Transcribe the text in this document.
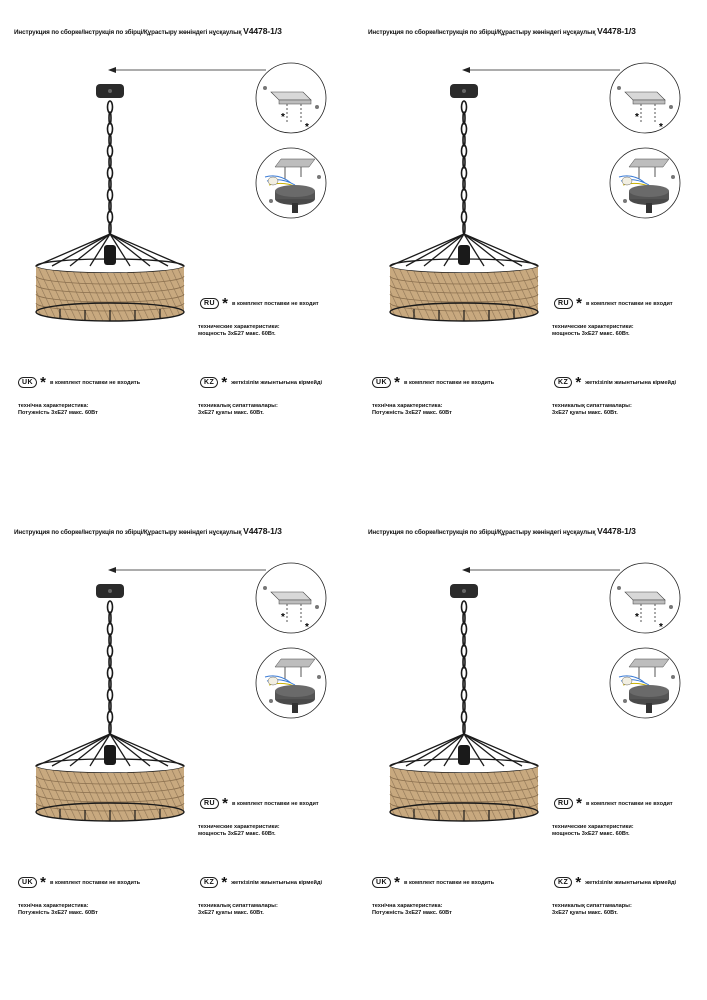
Инструкция по сборке/Інструкція по збірці/Құрастыру жөніндегі нұсқаулық V4478-1/3
*
*
RU * в комплект поставки не входит
технические характеристики:
мощность 3хЕ27 макс. 60Вт.
UK * в комплект поставки не входить	KZ * жеткізілім жиынтығына кірмейді
технічна характеристика:
Потужність 3хЕ27 макс. 60Вт
техникалық сипаттамалары:
3хЕ27 қуаты макс. 60Вт.
Инструкция по сборке/Інструкція по збірці/Құрастыру жөніндегі нұсқаулық V4478-1/3
*
*
RU * в комплект поставки не входит
технические характеристики:
мощность 3хЕ27 макс. 60Вт.
UK * в комплект поставки не входить	KZ * жеткізілім жиынтығына кірмейді
технічна характеристика:
Потужність 3хЕ27 макс. 60Вт
техникалық сипаттамалары:
3хЕ27 қуаты макс. 60Вт.
Инструкция по сборке/Інструкція по збірці/Құрастыру жөніндегі нұсқаулық V4478-1/3
*
*
RU * в комплект поставки не входит
технические характеристики:
мощность 3хЕ27 макс. 60Вт.
UK * в комплект поставки не входить	KZ * жеткізілім жиынтығына кірмейді
технічна характеристика:
Потужність 3хЕ27 макс. 60Вт
техникалық сипаттамалары:
3хЕ27 қуаты макс. 60Вт.
Инструкция по сборке/Інструкція по збірці/Құрастыру жөніндегі нұсқаулық V4478-1/3
*
*
RU * в комплект поставки не входит
технические характеристики:
мощность 3хЕ27 макс. 60Вт.
UK * в комплект поставки не входить	KZ * жеткізілім жиынтығына кірмейді
технічна характеристика:
Потужність 3хЕ27 макс. 60Вт
техникалық сипаттамалары:
3хЕ27 қуаты макс. 60Вт.
